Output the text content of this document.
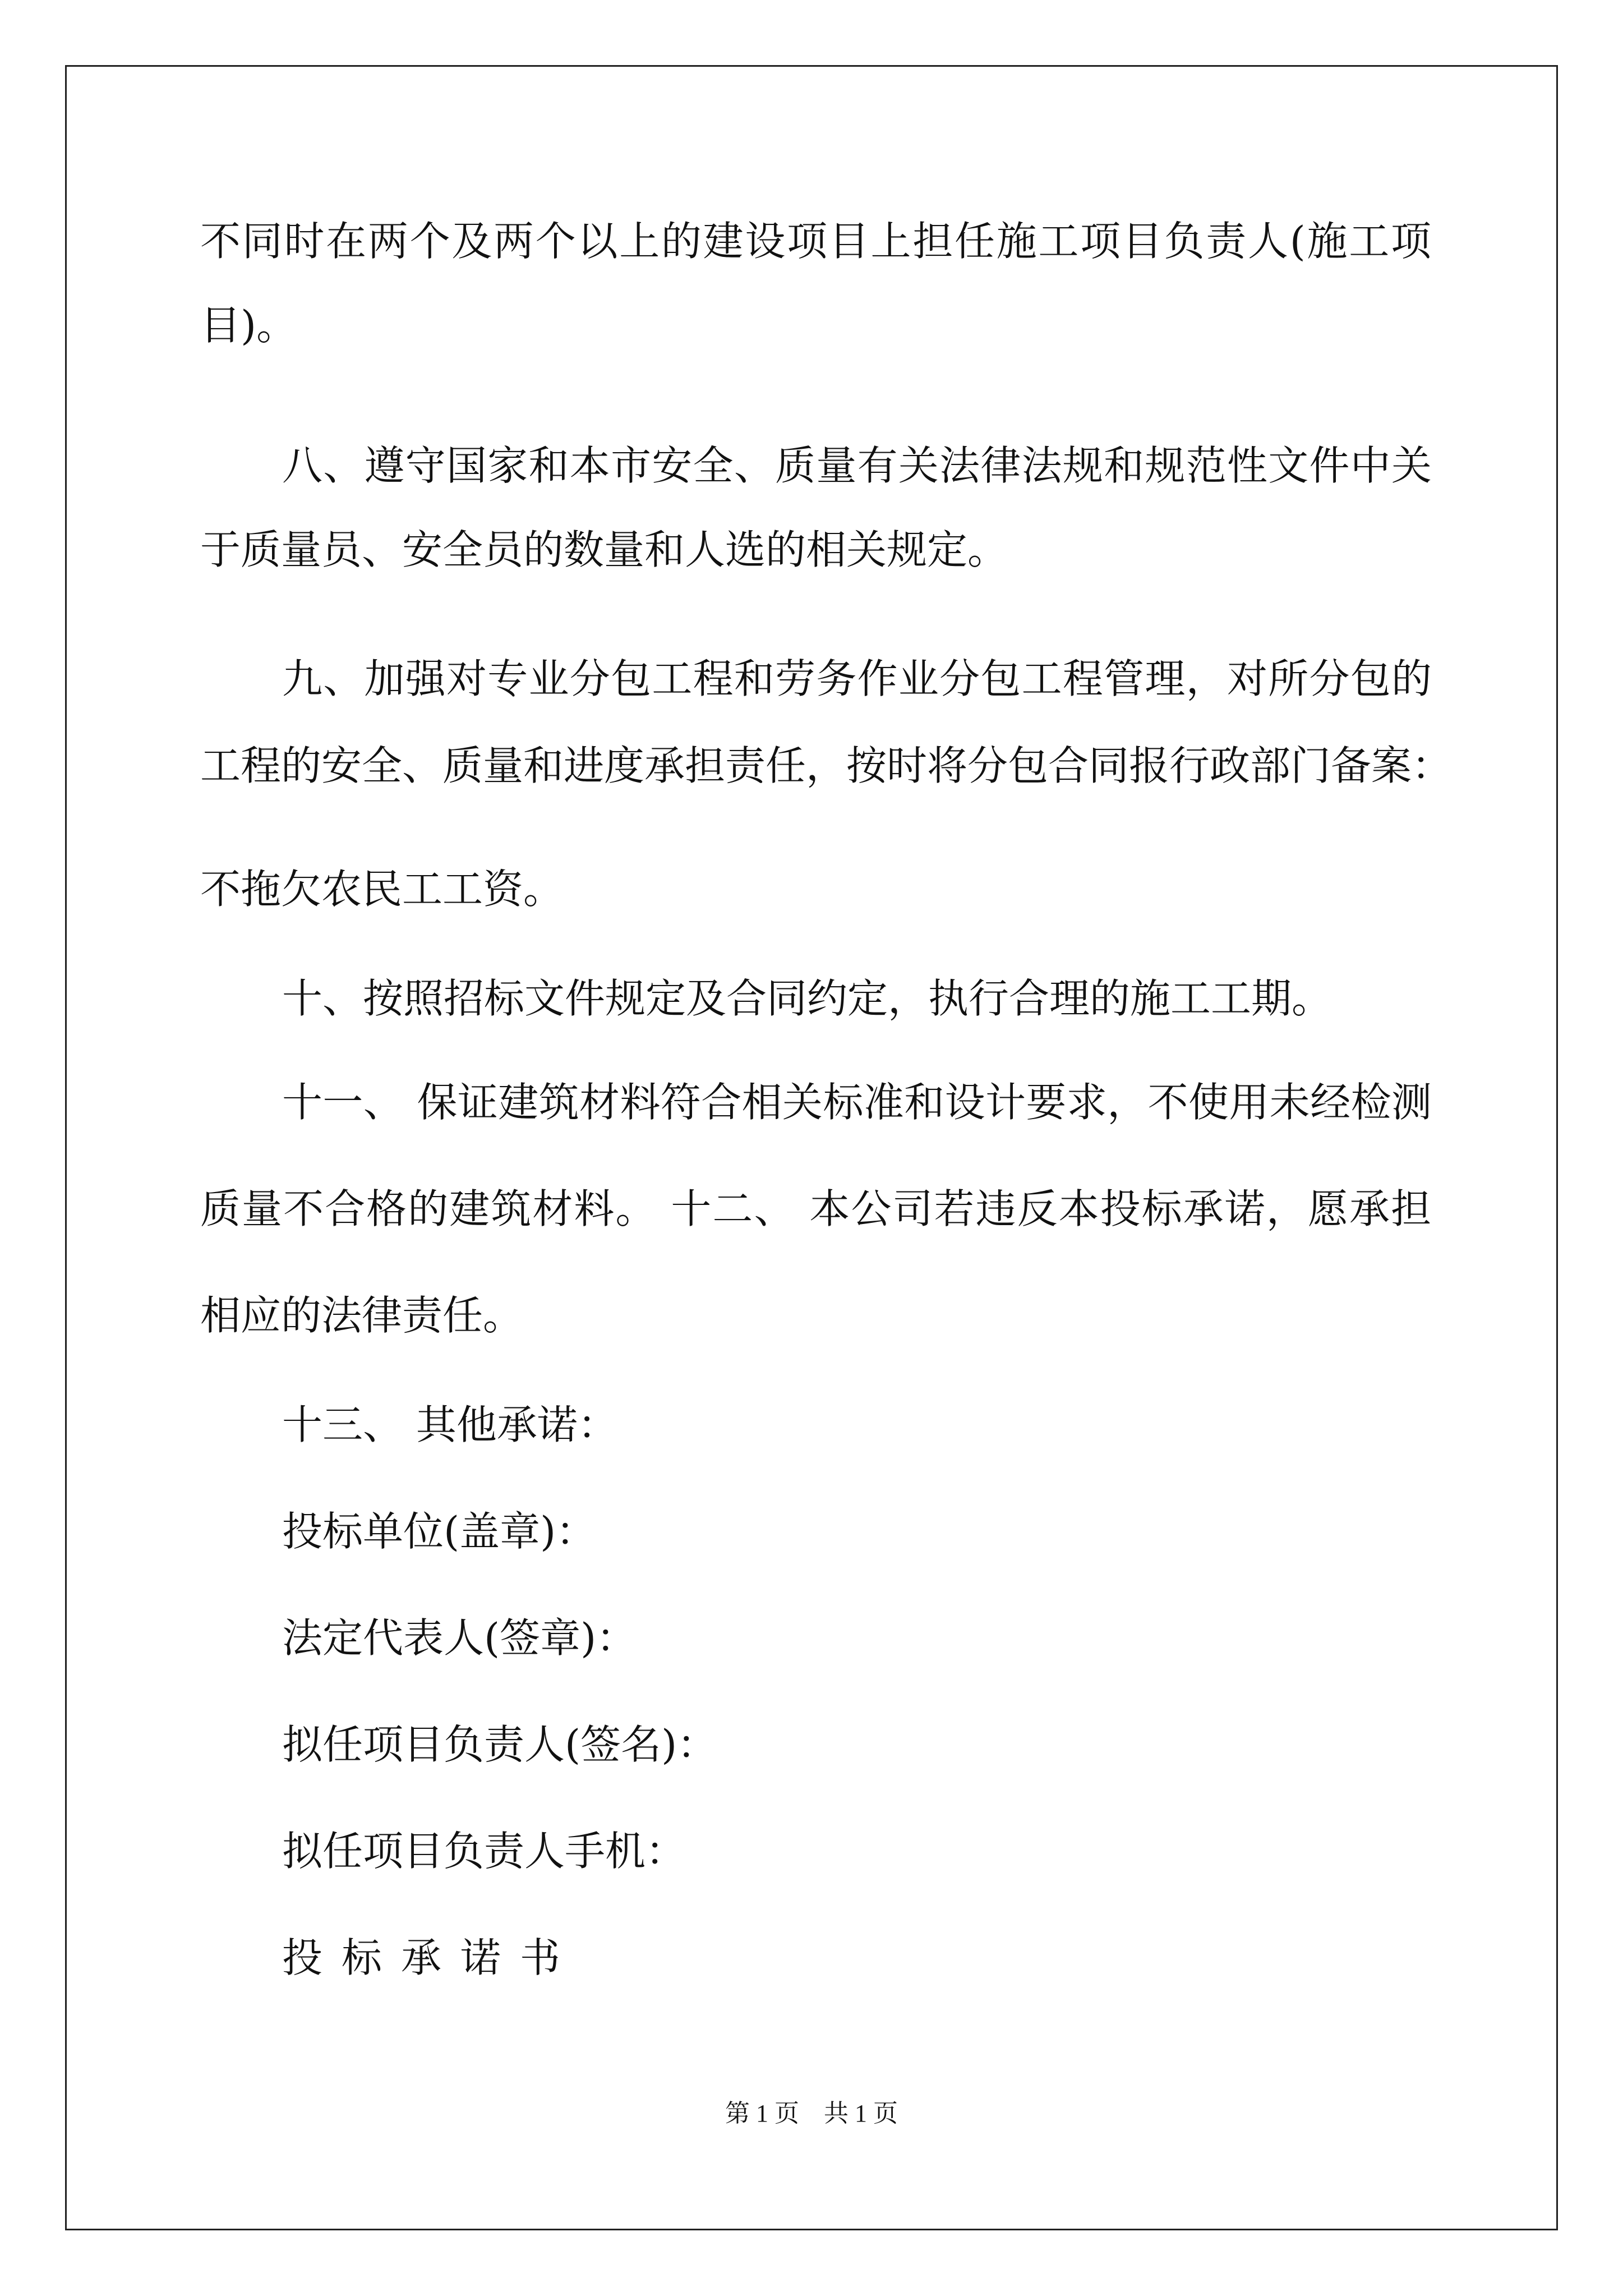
不同时在两个及两个以上的建设项目上担任施工项目负责人(施工项
目)。
八、遵守国家和本市安全、质量有关法律法规和规范性文件中关
于质量员、安全员的数量和人选的相关规定。
九、加强对专业分包工程和劳务作业分包工程管理，对所分包的
工程的安全、质量和进度承担责任，按时将分包合同报行政部门备案：
不拖欠农民工工资。
十、按照招标文件规定及合同约定，执行合理的施工工期。
十一、 保证建筑材料符合相关标准和设计要求，不使用未经检测
质量不合格的建筑材料。 十二、 本公司若违反本投标承诺，愿承担
相应的法律责任。
十三、 其他承诺：
投标单位(盖章)：
法定代表人(签章)：
拟任项目负责人(签名)：
拟任项目负责人手机：
投标承诺书
第 1 页　共 1 页
